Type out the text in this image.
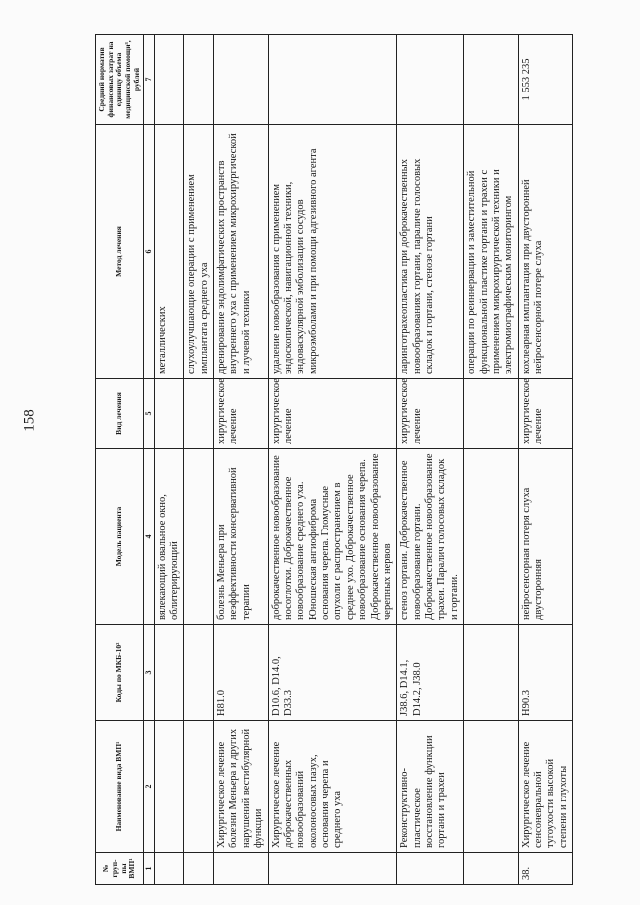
158
№ груп-пы ВМП¹	Наименование вида ВМП¹	Коды по МКБ-10²	Модель пациента	Вид лечения	Метод лечения	Средний норматив финансовых затрат на единицу объема медицинской помощи³, рублей
1	2	3	4	5	6	7
			вялекающий овальное окно, облитерирующий		металлических	
					слухоулучшающие операции с применением имплантата среднего уха	
	Хирургическое лечение болезни Меньера и других нарушений вестибулярной функции	H81.0	болезнь Меньера при неэффективности консервативной терапии	хирургическое лечение	дренирование эндолимфатических пространств внутреннего уха с применением микрохирургической и лучевой техники	
	Хирургическое лечение доброкачественных новообразований околоносовых пазух, основания черепа и среднего уха	D10.6, D14.0, D33.3	доброкачественное новообразование носоглотки. Доброкачественное новообразование среднего уха. Юношеская ангиофиброма основания черепа. Гломусные опухоли с распространением в среднее ухо. Доброкачественное новообразование основания черепа. Доброкачественное новообразование черепных нервов	хирургическое лечение	удаление новообразования с применением эндоскопической, навигационной техники, эндоваскулярной эмболизации сосудов микроэмболами и при помощи адгезивного агента	
	Реконструктивно-пластическое восстановление функции гортани и трахеи	J38.6, D14.1, D14.2, J38.0	стеноз гортани. Доброкачественное новообразование гортани. Доброкачественное новообразование трахеи. Паралич голосовых складок и гортани.	хирургическое лечение	ларинготрахеопластика при доброкачественных новообразованиях гортани, параличе голосовых складок и гортани, стенозе гортани	
					операции по реиннервации и заместительной функциональной пластике гортани и трахеи с применением микрохирургической техники и электромиографическим мониторингом	
38.	Хирургическое лечение сенсоневральной тугоухости высокой степени и глухоты	H90.3	нейросенсорная потеря слуха двусторонняя	хирургическое лечение	кохлеарная имплантация при двусторонней нейросенсорной потере слуха	1 553 235
